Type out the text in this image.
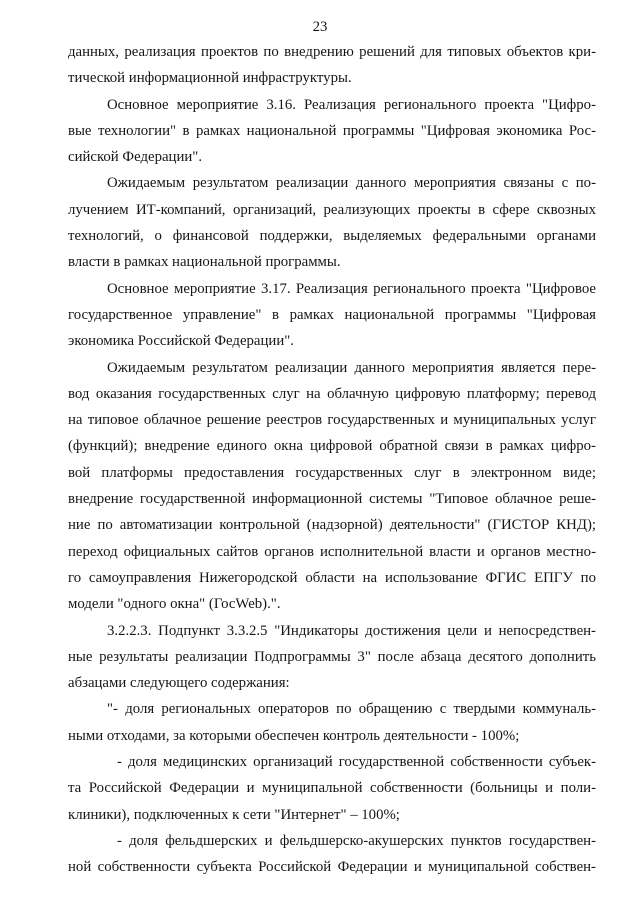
23
данных, реализация проектов по внедрению решений для типовых объектов кри-
тической информационной инфраструктуры.
Основное мероприятие 3.16. Реализация регионального проекта "Цифро-
вые технологии" в рамках национальной программы "Цифровая экономика Рос-
сийской Федерации".
Ожидаемым результатом реализации данного мероприятия связаны с по-
лучением ИТ-компаний, организаций, реализующих проекты в сфере сквозных
технологий, о финансовой поддержки, выделяемых федеральными органами
власти в рамках национальной программы.
Основное мероприятие 3.17. Реализация регионального проекта "Цифровое
государственное управление" в рамках национальной программы "Цифровая
экономика Российской Федерации".
Ожидаемым результатом реализации данного мероприятия является пере-
вод оказания государственных слуг на облачную цифровую платформу; перевод
на типовое облачное решение реестров государственных и муниципальных услуг
(функций); внедрение единого окна цифровой обратной связи в рамках цифро-
вой платформы предоставления государственных слуг в электронном виде;
внедрение государственной информационной системы "Типовое облачное реше-
ние по автоматизации контрольной (надзорной) деятельности" (ГИСТОР КНД);
переход официальных сайтов органов исполнительной власти и органов местно-
го самоуправления Нижегородской области на использование ФГИС ЕПГУ по
модели "одного окна" (ГосWeb).".
3.2.2.3. Подпункт 3.3.2.5 "Индикаторы достижения цели и непосредствен-
ные результаты реализации Подпрограммы 3" после абзаца десятого дополнить
абзацами следующего содержания:
"- доля региональных операторов по обращению с твердыми коммуналь-
ными отходами, за которыми обеспечен контроль деятельности - 100%;
- доля медицинских организаций государственной собственности субъек-
та Российской Федерации и муниципальной собственности (больницы и поли-
клиники), подключенных к сети "Интернет" – 100%;
- доля фельдшерских и фельдшерско-акушерских пунктов государствен-
ной собственности субъекта Российской Федерации и муниципальной собствен-
